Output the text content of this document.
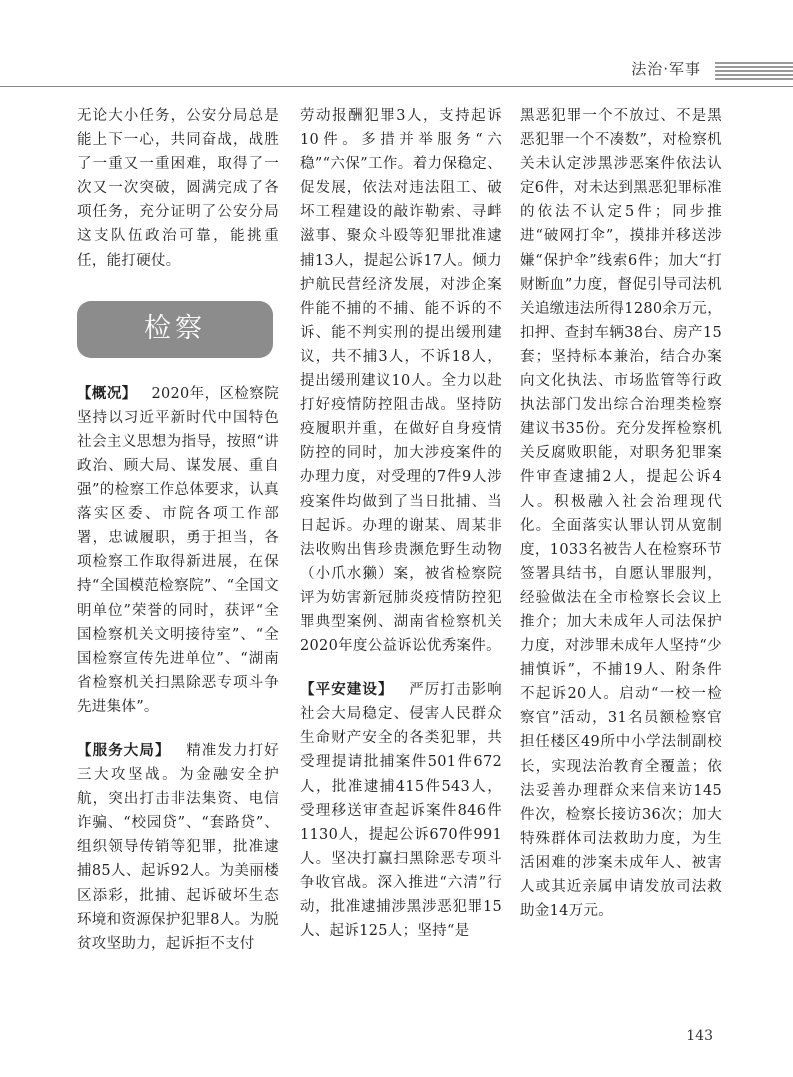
法治·军事

无论大小任务，公安分局总是能上下一心，共同奋战，战胜了一重又一重困难，取得了一次又一次突破，圆满完成了各项任务，充分证明了公安分局这支队伍政治可靠，能挑重任，能打硬仗。

检察

【概况】  2020年，区检察院坚持以习近平新时代中国特色社会主义思想为指导，按照“讲政治、顾大局、谋发展、重自强”的检察工作总体要求，认真落实区委、市院各项工作部署，忠诚履职，勇于担当，各项检察工作取得新进展，在保持“全国模范检察院”、“全国文明单位”荣誉的同时，获评“全国检察机关文明接待室”、“全国检察宣传先进单位”、“湖南省检察机关扫黑除恶专项斗争先进集体”。

【服务大局】  精准发力打好三大攻坚战。为金融安全护航，突出打击非法集资、电信诈骗、“校园贷”、“套路贷”、组织领导传销等犯罪，批准逮捕85人、起诉92人。为美丽楼区添彩，批捕、起诉破坏生态环境和资源保护犯罪8人。为脱贫攻坚助力，起诉拒不支付

劳动报酬犯罪3人，支持起诉10件。多措并举服务“六稳”“六保”工作。着力保稳定、促发展，依法对违法阻工、破坏工程建设的敲诈勒索、寻衅滋事、聚众斗殴等犯罪批准逮捕13人，提起公诉17人。倾力护航民营经济发展，对涉企案件能不捕的不捕、能不诉的不诉、能不判实刑的提出缓刑建议，共不捕3人，不诉18人，提出缓刑建议10人。全力以赴打好疫情防控阻击战。坚持防疫履职并重，在做好自身疫情防控的同时，加大涉疫案件的办理力度，对受理的7件9人涉疫案件均做到了当日批捕、当日起诉。办理的谢某、周某非法收购出售珍贵濒危野生动物（小爪水獭）案，被省检察院评为妨害新冠肺炎疫情防控犯罪典型案例、湖南省检察机关2020年度公益诉讼优秀案件。

【平安建设】  严厉打击影响社会大局稳定、侵害人民群众生命财产安全的各类犯罪，共受理提请批捕案件501件672人，批准逮捕415件543人，受理移送审查起诉案件846件1130人，提起公诉670件991人。坚决打赢扫黑除恶专项斗争收官战。深入推进“六清”行动，批准逮捕涉黑涉恶犯罪15人、起诉125人；坚持“是

黑恶犯罪一个不放过、不是黑恶犯罪一个不凑数”，对检察机关未认定涉黑涉恶案件依法认定6件，对未达到黑恶犯罪标准的依法不认定5件；同步推进“破网打伞”，摸排并移送涉嫌“保护伞”线索6件；加大“打财断血”力度，督促引导司法机关追缴违法所得1280余万元，扣押、查封车辆38台、房产15套；坚持标本兼治，结合办案向文化执法、市场监管等行政执法部门发出综合治理类检察建议书35份。充分发挥检察机关反腐败职能，对职务犯罪案件审查逮捕2人，提起公诉4人。积极融入社会治理现代化。全面落实认罪认罚从宽制度，1033名被告人在检察环节签署具结书，自愿认罪服判，经验做法在全市检察长会议上推介；加大未成年人司法保护力度，对涉罪未成年人坚持“少捕慎诉”，不捕19人、附条件不起诉20人。启动“一校一检察官”活动，31名员额检察官担任楼区49所中小学法制副校长，实现法治教育全覆盖；依法妥善办理群众来信来访145件次，检察长接访36次；加大特殊群体司法救助力度，为生活困难的涉案未成年人、被害人或其近亲属申请发放司法救助金14万元。

143
